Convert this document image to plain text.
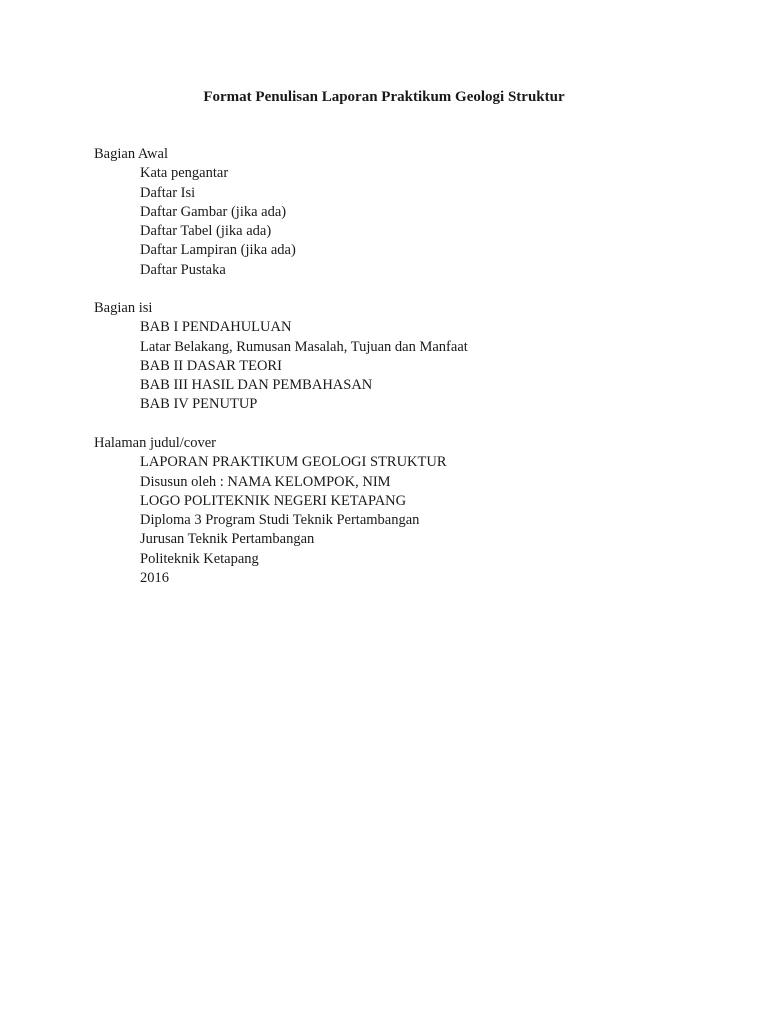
Format Penulisan Laporan Praktikum Geologi Struktur

Bagian Awal

Kata pengantar
Daftar Isi
Daftar Gambar (jika ada)
Daftar Tabel (jika ada)
Daftar Lampiran (jika ada)
Daftar Pustaka

Bagian isi

BAB I PENDAHULUAN
Latar Belakang, Rumusan Masalah, Tujuan dan Manfaat
BAB II DASAR TEORI
BAB III HASIL DAN PEMBAHASAN
BAB IV PENUTUP

Halaman judul/cover

LAPORAN PRAKTIKUM GEOLOGI STRUKTUR
Disusun oleh : NAMA KELOMPOK, NIM
LOGO POLITEKNIK NEGERI KETAPANG
Diploma 3 Program Studi Teknik Pertambangan
Jurusan Teknik Pertambangan
Politeknik Ketapang
2016
